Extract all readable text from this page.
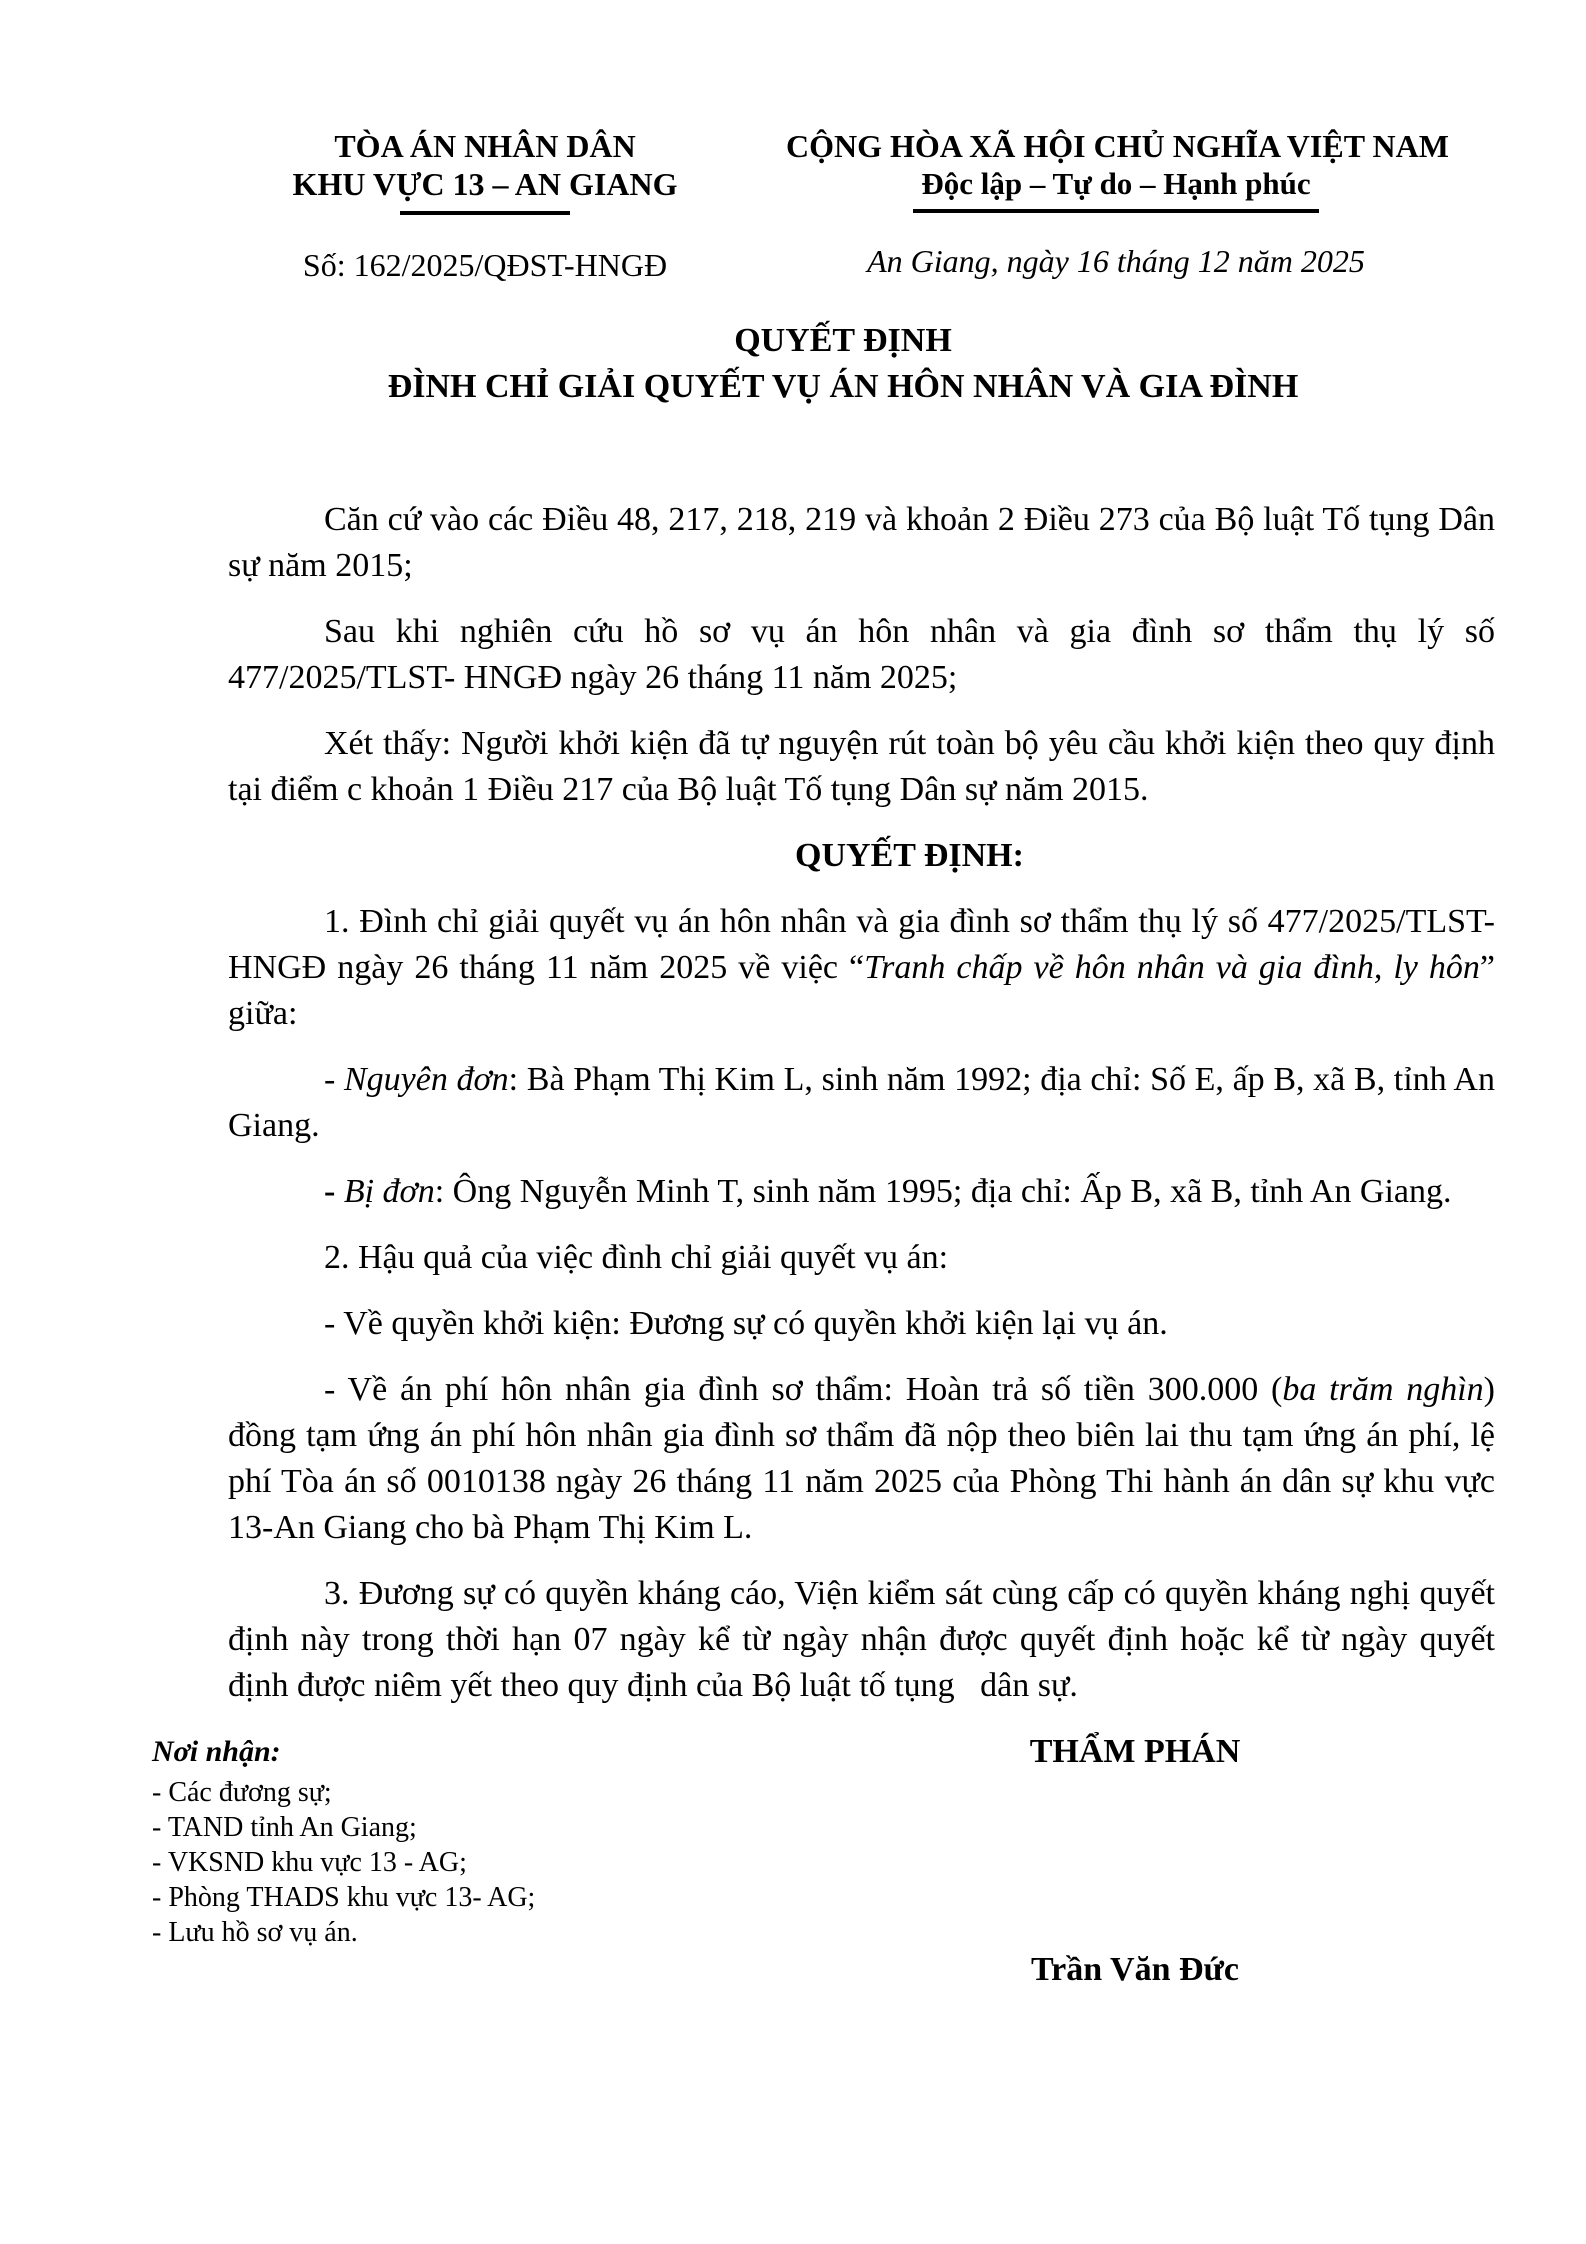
TÒA ÁN NHÂN DÂN
KHU VỰC 13 – AN GIANG
Số: 162/2025/QĐST-HNGĐ
CỘNG HÒA XÃ HỘI CHỦ NGHĨA VIỆT NAM
Độc lập – Tự do – Hạnh phúc
An Giang, ngày 16 tháng 12 năm 2025
QUYẾT ĐỊNH
ĐÌNH CHỈ GIẢI QUYẾT VỤ ÁN HÔN NHÂN VÀ GIA ĐÌNH

Căn cứ vào các Điều 48, 217, 218, 219 và khoản 2 Điều 273 của Bộ luật Tố tụng Dân sự năm 2015;

Sau khi nghiên cứu hồ sơ vụ án hôn nhân và gia đình sơ thẩm thụ lý số 477/2025/TLST- HNGĐ ngày 26 tháng 11 năm 2025;

Xét thấy: Người khởi kiện đã tự nguyện rút toàn bộ yêu cầu khởi kiện theo quy định tại điểm c khoản 1 Điều 217 của Bộ luật Tố tụng Dân sự năm 2015.

QUYẾT ĐỊNH:

1. Đình chỉ giải quyết vụ án hôn nhân và gia đình sơ thẩm thụ lý số 477/2025/TLST- HNGĐ ngày 26 tháng 11 năm 2025 về việc “Tranh chấp về hôn nhân và gia đình, ly hôn” giữa:

- Nguyên đơn: Bà Phạm Thị Kim L, sinh năm 1992; địa chỉ: Số E, ấp B, xã B, tỉnh An Giang.

- Bị đơn: Ông Nguyễn Minh T, sinh năm 1995; địa chỉ: Ấp B, xã B, tỉnh An Giang.

2. Hậu quả của việc đình chỉ giải quyết vụ án:

- Về quyền khởi kiện: Đương sự có quyền khởi kiện lại vụ án.

- Về án phí hôn nhân gia đình sơ thẩm: Hoàn trả số tiền 300.000 (ba trăm nghìn) đồng tạm ứng án phí hôn nhân gia đình sơ thẩm đã nộp theo biên lai thu tạm ứng án phí, lệ phí Tòa án số 0010138 ngày 26 tháng 11 năm 2025 của Phòng Thi hành án dân sự khu vực 13-An Giang cho bà Phạm Thị Kim L.

3. Đương sự có quyền kháng cáo, Viện kiểm sát cùng cấp có quyền kháng nghị quyết định này trong thời hạn 07 ngày kể từ ngày nhận được quyết định hoặc kể từ ngày quyết định được niêm yết theo quy định của Bộ luật tố tụng   dân sự.

Nơi nhận:
- Các đương sự;
- TAND tỉnh An Giang;
- VKSND khu vực 13 - AG;
- Phòng THADS khu vực 13- AG;
- Lưu hồ sơ vụ án.
THẨM PHÁN
Trần Văn Đức
